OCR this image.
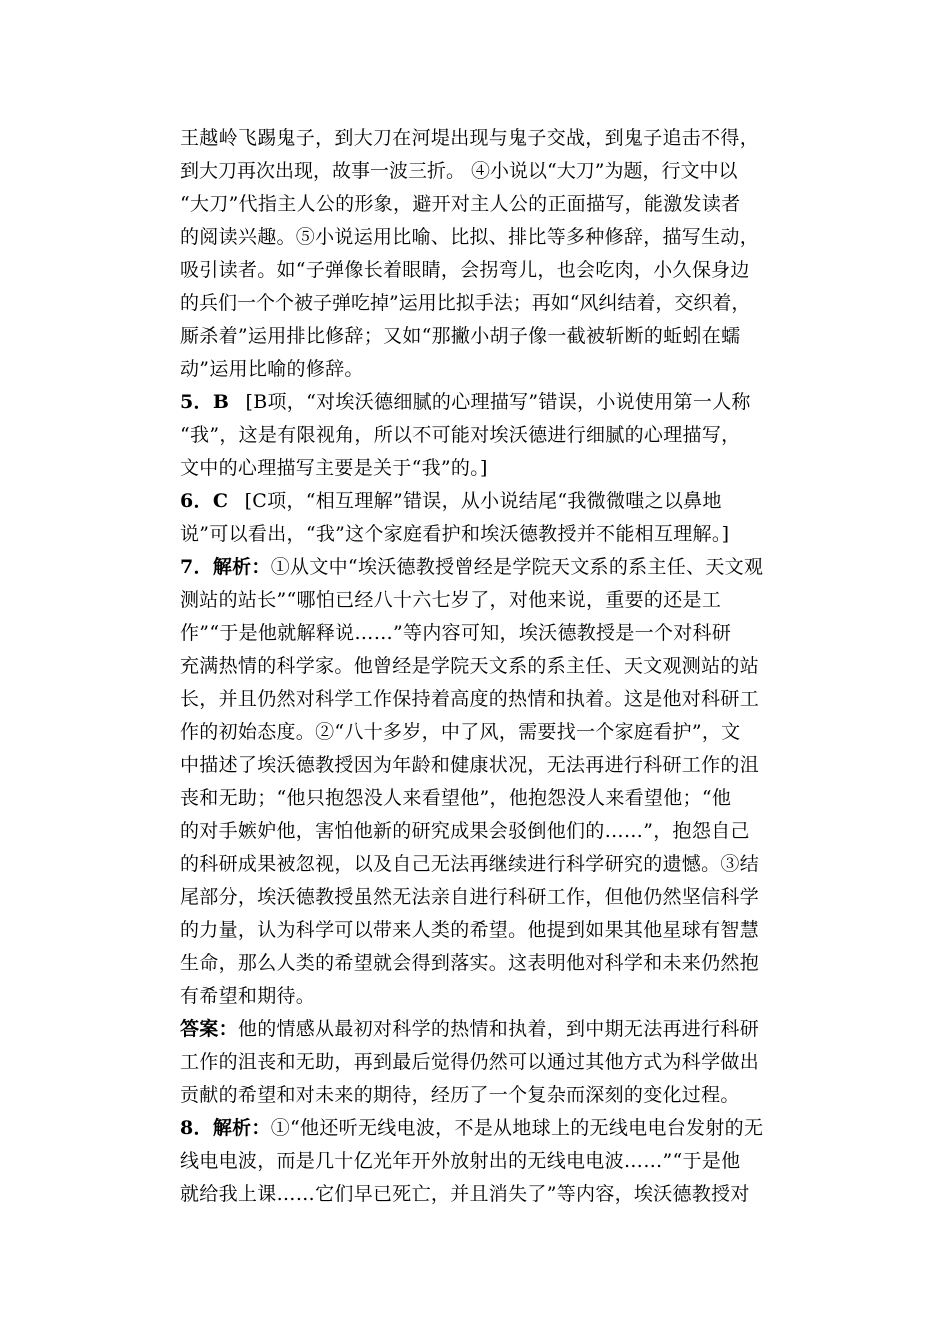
王越岭飞踢鬼子，到大刀在河堤出现与鬼子交战，到鬼子追击不得，
到大刀再次出现，故事一波三折。 ④小说以“大刀”为题，行文中以
“大刀”代指主人公的形象，避开对主人公的正面描写，能激发读者
的阅读兴趣。⑤小说运用比喻、比拟、排比等多种修辞，描写生动，
吸引读者。如“子弹像长着眼睛，会拐弯儿，也会吃肉，小久保身边
的兵们一个个被子弹吃掉”运用比拟手法；再如“风纠结着，交织着，
厮杀着”运用排比修辞；又如“那撇小胡子像一截被斩断的蚯蚓在蠕
动”运用比喻的修辞。
5．B [B项，“对埃沃德细腻的心理描写”错误，小说使用第一人称
“我”，这是有限视角，所以不可能对埃沃德进行细腻的心理描写，
文中的心理描写主要是关于“我”的。]
6．C [C项，“相互理解”错误，从小说结尾“我微微嗤之以鼻地
说”可以看出，“我”这个家庭看护和埃沃德教授并不能相互理解。]
7．解析：①从文中“埃沃德教授曾经是学院天文系的系主任、天文观
测站的站长”“哪怕已经八十六七岁了，对他来说，重要的还是工
作”“于是他就解释说……”等内容可知，埃沃德教授是一个对科研
充满热情的科学家。他曾经是学院天文系的系主任、天文观测站的站
长，并且仍然对科学工作保持着高度的热情和执着。这是他对科研工
作的初始态度。②“八十多岁，中了风，需要找一个家庭看护”，文
中描述了埃沃德教授因为年龄和健康状况，无法再进行科研工作的沮
丧和无助；“他只抱怨没人来看望他”，他抱怨没人来看望他；“他
的对手嫉妒他，害怕他新的研究成果会驳倒他们的……”，抱怨自己
的科研成果被忽视，以及自己无法再继续进行科学研究的遗憾。③结
尾部分，埃沃德教授虽然无法亲自进行科研工作，但他仍然坚信科学
的力量，认为科学可以带来人类的希望。他提到如果其他星球有智慧
生命，那么人类的希望就会得到落实。这表明他对科学和未来仍然抱
有希望和期待。
答案：他的情感从最初对科学的热情和执着，到中期无法再进行科研
工作的沮丧和无助，再到最后觉得仍然可以通过其他方式为科学做出
贡献的希望和对未来的期待，经历了一个复杂而深刻的变化过程。
8．解析：①“他还听无线电波，不是从地球上的无线电电台发射的无
线电电波，而是几十亿光年开外放射出的无线电电波……”“于是他
就给我上课……它们早已死亡，并且消失了”等内容，埃沃德教授对
